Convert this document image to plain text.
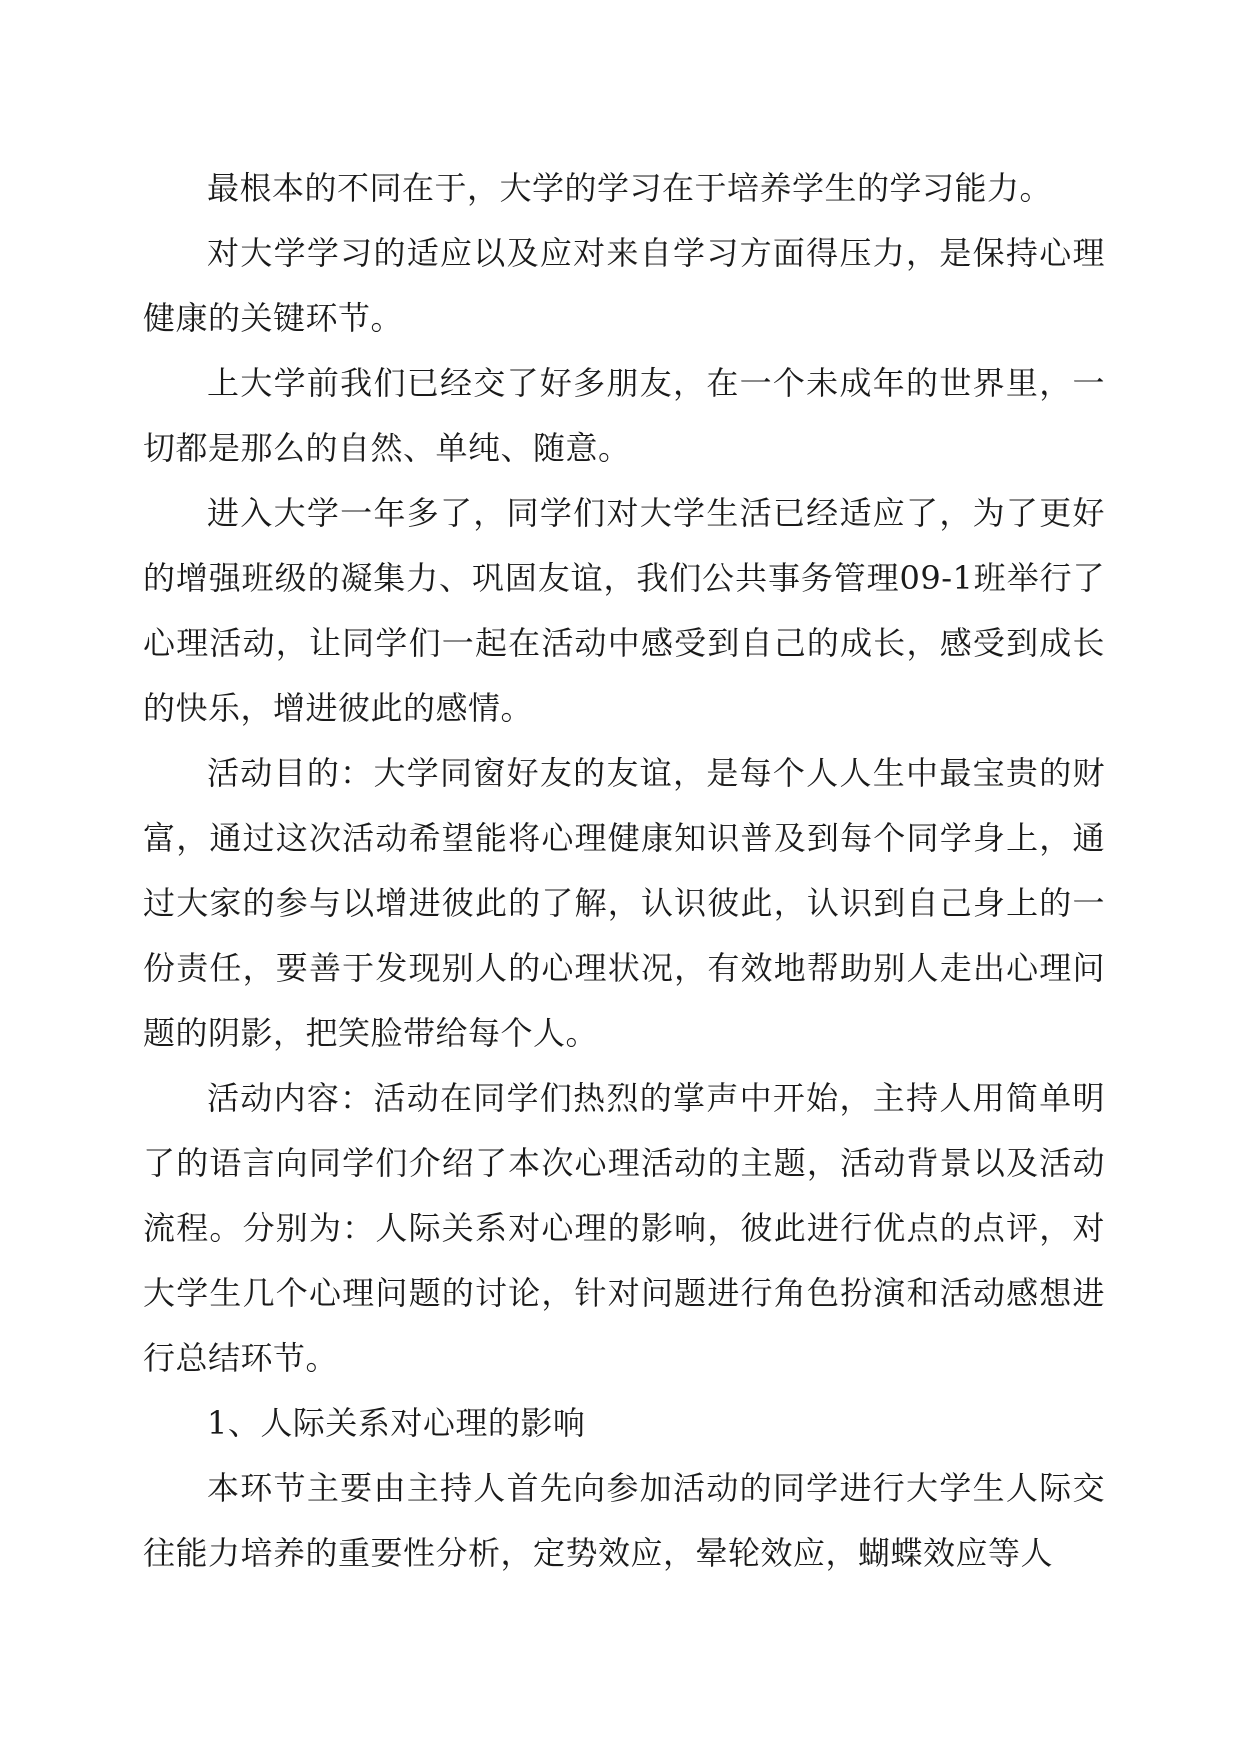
最根本的不同在于，大学的学习在于培养学生的学习能力。

对大学学习的适应以及应对来自学习方面得压力，是保持心理健康的关键环节。

上大学前我们已经交了好多朋友，在一个未成年的世界里，一切都是那么的自然、单纯、随意。

进入大学一年多了，同学们对大学生活已经适应了，为了更好的增强班级的凝集力、巩固友谊，我们公共事务管理09-1班举行了心理活动，让同学们一起在活动中感受到自己的成长，感受到成长的快乐，增进彼此的感情。

活动目的：大学同窗好友的友谊，是每个人人生中最宝贵的财富，通过这次活动希望能将心理健康知识普及到每个同学身上，通过大家的参与以增进彼此的了解，认识彼此，认识到自己身上的一份责任，要善于发现别人的心理状况，有效地帮助别人走出心理问题的阴影，把笑脸带给每个人。

活动内容：活动在同学们热烈的掌声中开始，主持人用简单明了的语言向同学们介绍了本次心理活动的主题，活动背景以及活动流程。分别为：人际关系对心理的影响，彼此进行优点的点评，对大学生几个心理问题的讨论，针对问题进行角色扮演和活动感想进行总结环节。

1、人际关系对心理的影响

本环节主要由主持人首先向参加活动的同学进行大学生人际交往能力培养的重要性分析，定势效应，晕轮效应，蝴蝶效应等人
